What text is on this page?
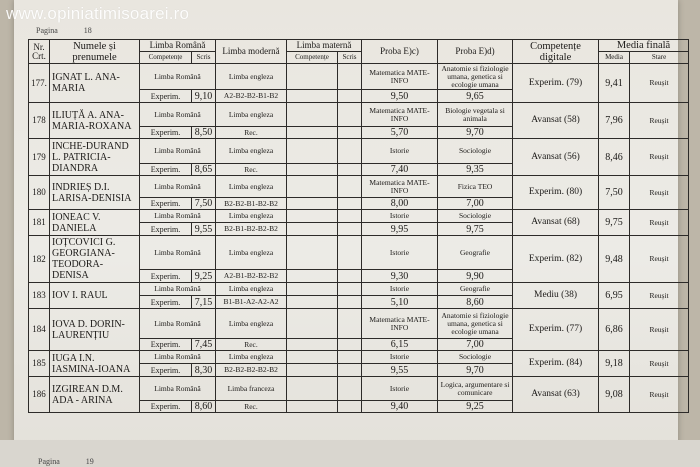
www.opiniatimisoarei.ro
Pagina	18
Pagina	19
Nr. Crt.	Numele și prenumele	Limba Română		Limba modernă	Limba maternă		Proba E)c)	Proba E)d)	Competențe digitale	Media finală	
		Competențe	Scris		Competențe	Scris				Media	Stare
177.	IGNAT L. ANA-MARIA	Limba Română		Limba engleza			Matematica MATE-INFO	Anatomie si fiziologie umana, genetica si ecologie umana	Experim. (79)	9,41	Reușit
		Experim.	9,10	A2-B2-B2-B1-B2			9,50	9,65			
178	ILIUȚĂ A. ANA-MARIA-ROXANA	Limba Română		Limba engleza			Matematica MATE-INFO	Biologie vegetala si animala	Avansat (58)	7,96	Reușit
		Experim.	8,50	Rec.			5,70	9,70			
179	INCHE-DURAND L. PATRICIA-DIANDRA	Limba Română		Limba engleza			Istorie	Sociologie	Avansat (56)	8,46	Reușit
		Experim.	8,65	Rec.			7,40	9,35			
180	INDRIEȘ D.I. LARISA-DENISIA	Limba Română		Limba engleza			Matematica MATE-INFO	Fizica TEO	Experim. (80)	7,50	Reușit
		Experim.	7,50	B2-B2-B1-B2-B2			8,00	7,00			
181	IONEAC V. DANIELA	Limba Română		Limba engleza			Istorie	Sociologie	Avansat (68)	9,75	Reușit
		Experim.	9,55	B2-B1-B2-B2-B2			9,95	9,75			
182	IOȚCOVICI G. GEORGIANA-TEODORA-DENISA	Limba Română		Limba engleza			Istorie	Geografie	Experim. (82)	9,48	Reușit
		Experim.	9,25	A2-B1-B2-B2-B2			9,30	9,90			
183	IOV I. RAUL	Limba Română		Limba engleza			Istorie	Geografie	Mediu (38)	6,95	Reușit
		Experim.	7,15	B1-B1-A2-A2-A2			5,10	8,60			
184	IOVA D. DORIN-LAURENȚIU	Limba Română		Limba engleza			Matematica MATE-INFO	Anatomie si fiziologie umana, genetica si ecologie umana	Experim. (77)	6,86	Reușit
		Experim.	7,45	Rec.			6,15	7,00			
185	IUGA I.N. IASMINA-IOANA	Limba Română		Limba engleza			Istorie	Sociologie	Experim. (84)	9,18	Reușit
		Experim.	8,30	B2-B2-B2-B2-B2			9,55	9,70			
186	IZGIREAN D.M. ADA - ARINA	Limba Română		Limba franceza			Istorie	Logica, argumentare si comunicare	Avansat (63)	9,08	Reușit
		Experim.	8,60	Rec.			9,40	9,25			
